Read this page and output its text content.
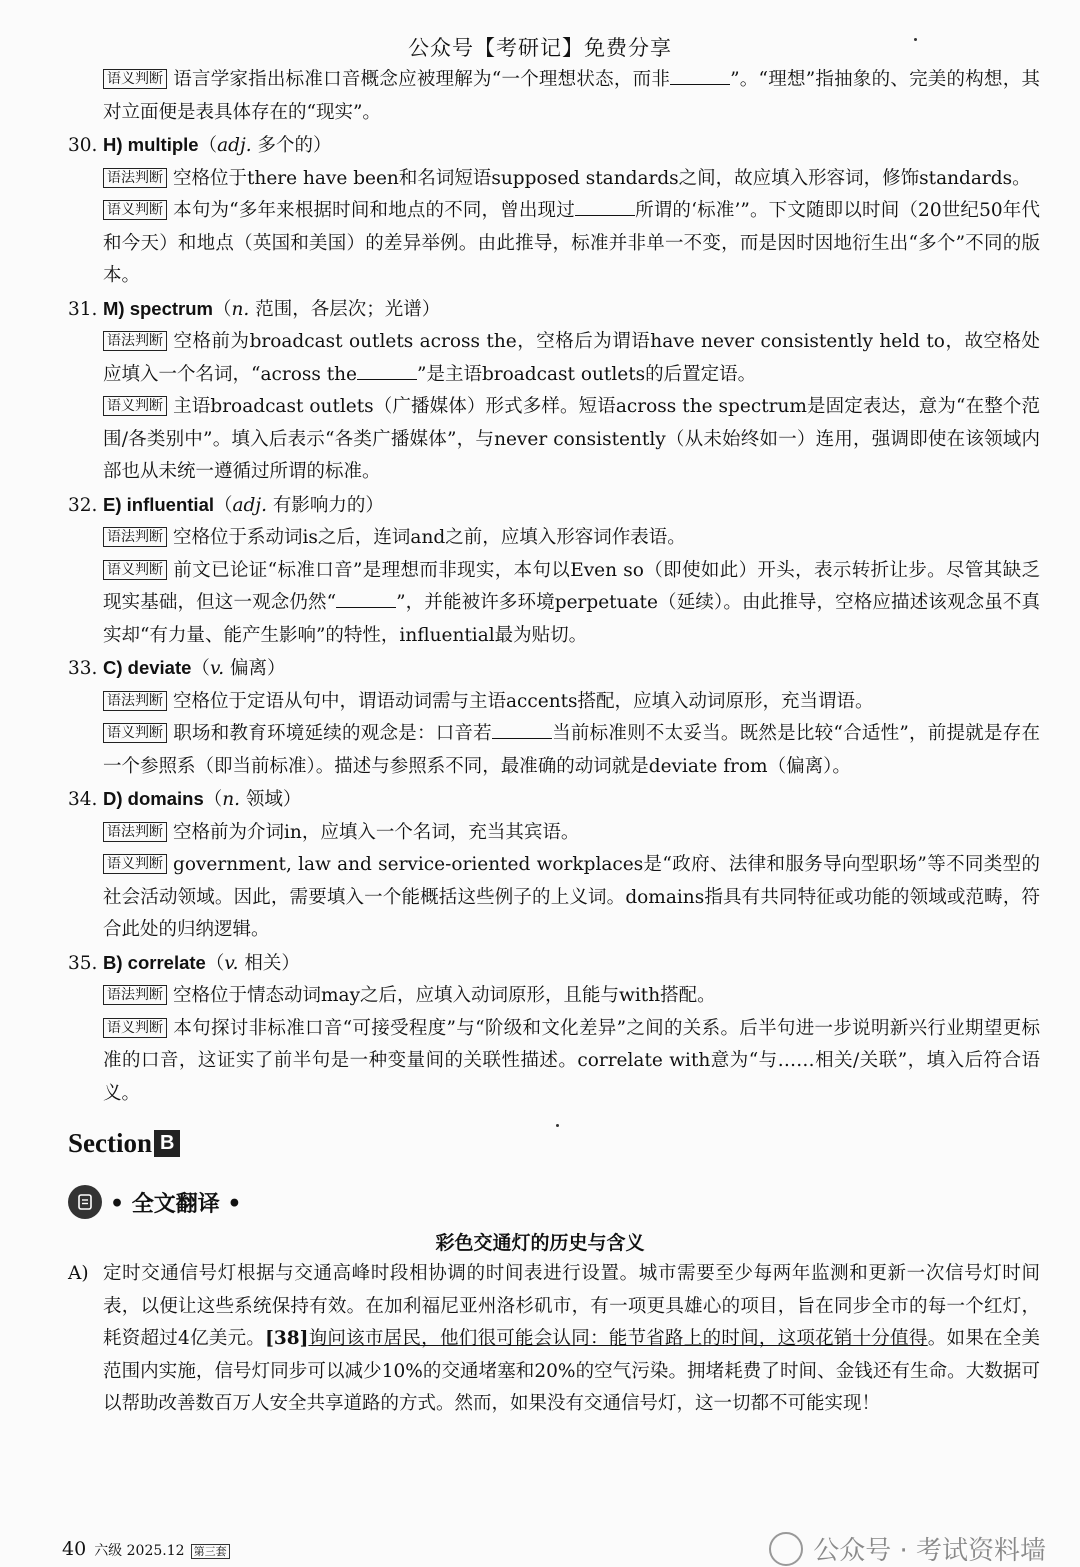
公众号【考研记】免费分享

语义判断 语言学家指出标准口音概念应被理解为“一个理想状态，而非	”。“理想”指抽象的、完美的构想，其对立面便是表具体存在的“现实”。

30. H) multiple（adj. 多个的）

语法判断 空格位于there have been和名词短语supposed standards之间，故应填入形容词，修饰standards。

语义判断 本句为“多年来根据时间和地点的不同，曾出现过	所谓的‘标准’”。下文随即以时间（20世纪50年代和今天）和地点（英国和美国）的差异举例。由此推导，标准并非单一不变，而是因时因地衍生出“多个”不同的版本。

31. M) spectrum（n. 范围，各层次；光谱）

语法判断 空格前为broadcast outlets across the，空格后为谓语have never consistently held to，故空格处应填入一个名词，“across the	”是主语broadcast outlets的后置定语。

语义判断 主语broadcast outlets（广播媒体）形式多样。短语across the spectrum是固定表达，意为“在整个范围/各类别中”。填入后表示“各类广播媒体”，与never consistently（从未始终如一）连用，强调即使在该领域内部也从未统一遵循过所谓的标准。

32. E) influential（adj. 有影响力的）

语法判断 空格位于系动词is之后，连词and之前，应填入形容词作表语。

语义判断 前文已论证“标准口音”是理想而非现实，本句以Even so（即使如此）开头，表示转折让步。尽管其缺乏现实基础，但这一观念仍然“	”，并能被许多环境perpetuate（延续）。由此推导，空格应描述该观念虽不真实却“有力量、能产生影响”的特性，influential最为贴切。

33. C) deviate（v. 偏离）

语法判断 空格位于定语从句中，谓语动词需与主语accents搭配，应填入动词原形，充当谓语。

语义判断 职场和教育环境延续的观念是：口音若	当前标准则不太妥当。既然是比较“合适性”，前提就是存在一个参照系（即当前标准）。描述与参照系不同，最准确的动词就是deviate from（偏离）。

34. D) domains（n. 领域）

语法判断 空格前为介词in，应填入一个名词，充当其宾语。

语义判断 government, law and service-oriented workplaces是“政府、法律和服务导向型职场”等不同类型的社会活动领域。因此，需要填入一个能概括这些例子的上义词。domains指具有共同特征或功能的领域或范畴，符合此处的归纳逻辑。

35. B) correlate（v. 相关）

语法判断 空格位于情态动词may之后，应填入动词原形，且能与with搭配。

语义判断 本句探讨非标准口音“可接受程度”与“阶级和文化差异”之间的关系。后半句进一步说明新兴行业期望更标准的口音，这证实了前半句是一种变量间的关联性描述。correlate with意为“与……相关/关联”，填入后符合语义。

Section B
• 全文翻译 •
彩色交通灯的历史与含义
A) 定时交通信号灯根据与交通高峰时段相协调的时间表进行设置。城市需要至少每两年监测和更新一次信号灯时间表，以便让这些系统保持有效。在加利福尼亚州洛杉矶市，有一项更具雄心的项目，旨在同步全市的每一个红灯，耗资超过4亿美元。[38]询问该市居民，他们很可能会认同：能节省路上的时间，这项花销十分值得。如果在全美范围内实施，信号灯同步可以减少10%的交通堵塞和20%的空气污染。拥堵耗费了时间、金钱还有生命。大数据可以帮助改善数百万人安全共享道路的方式。然而，如果没有交通信号灯，这一切都不可能实现！
40 六级 2025.12 第三套	公众号 · 考试资料墙
